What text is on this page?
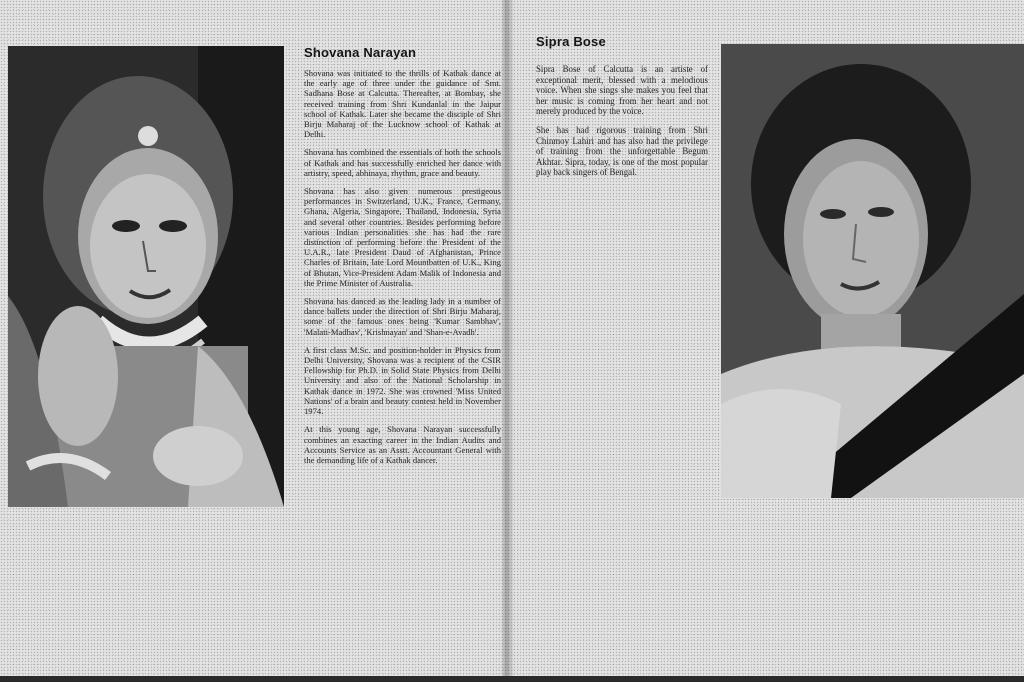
Shovana Narayan

Shovana was initiated to the thrills of Kathak dance at the early age of three under the guidance of Smt. Sadhana Bose at Calcutta. Thereafter, at Bombay, she received training from Shri Kundanlal in the Jaipur school of Kathak. Later she became the disciple of Shri Birju Maharaj of the Lucknow school of Kathak at Delhi.

Shovana has combined the essentials of both the schools of Kathak and has successfully enriched her dance with artistry, speed, abhinaya, rhythm, grace and beauty.

Shovana has also given numerous prestigeous performances in Switzerland, U.K., France, Germany, Ghana, Algeria, Singapore, Thailand, Indonesia, Syria and several other countries. Besides performing before various Indian personalities she has had the rare distinction of performing before the President of the U.A.R., late President Daud of Afghanistan, Prince Charles of Britain, late Lord Mountbatten of U.K., King of Bhutan, Vice-President Adam Malik of Indonesia and the Prime Minister of Australia.

Shovana has danced as the leading lady in a number of dance ballets under the direction of Shri Birju Maharaj, some of the famous ones being 'Kumar Sambhav', 'Malati-Madhav', 'Krishnayan' and 'Shan-e-Avadh'.

A first class M.Sc. and position-holder in Physics from Delhi University, Shovana was a recipient of the CSIR Fellowship for Ph.D. in Solid State Physics from Delhi University and also of the National Scholarship in Kathak dance in 1972. She was crowned 'Miss United Nations' of a brain and beauty contest held in November 1974.

At this young age, Shovana Narayan successfully combines an exacting career in the Indian Audits and Accounts Service as an Asstt. Accountant General with the demanding life of a Kathak dancer.

Sipra Bose

Sipra Bose of Calcutta is an artiste of exceptional merit, blessed with a melodious voice. When she sings she makes you feel that her music is coming from her heart and not merely produced by the voice.

She has had rigorous training from Shri Chinmoy Lahiri and has also had the privilege of training from the unforgettable Begum Akhtar. Sipra, today, is one of the most popular play back singers of Bengal.
